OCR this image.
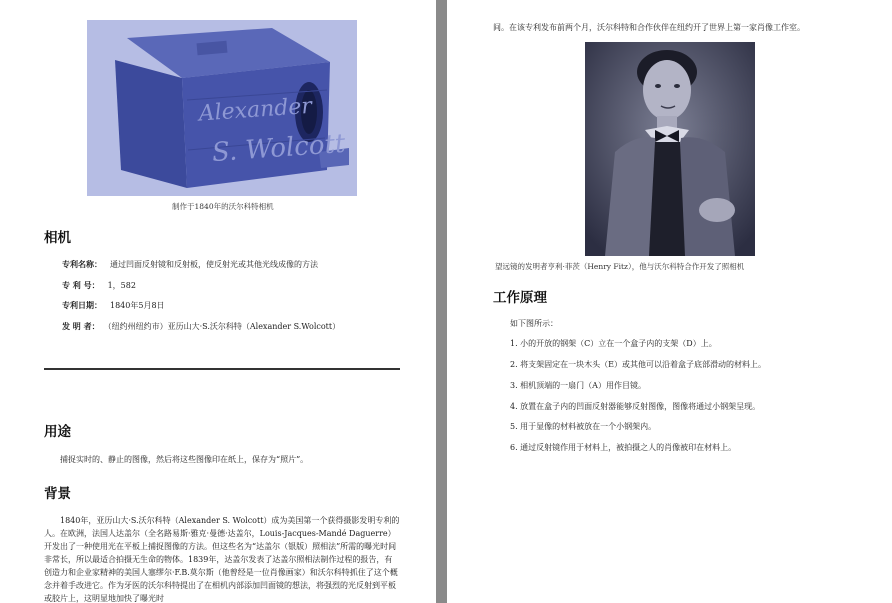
Alexander
S. Wolcott
制作于1840年的沃尔科特相机
相机
专利名称： 通过凹面反射镜和反射板，使反射光或其他光线成像的方法
专 利 号： 1，582
专利日期： 1840年5月8日
发 明 者： （纽约州纽约市）亚历山大·S.沃尔科特（Alexander S.Wolcott）
用途

捕捉实时的、静止的图像，然后将这些图像印在纸上，保存为“照片”。

背景

1840年，亚历山大·S.沃尔科特（Alexander S. Wolcott）成为美国第一个获得摄影发明专利的人。在欧洲，法国人达盖尔（全名路易斯·雅克·曼德·达盖尔，Louis-Jacques-Mandé Daguerre）开发出了一种使用光在平板上捕捉图像的方法。但这些名为“达盖尔（银版）照相法”所需的曝光时间非常长，所以最适合拍摄无生命的物体。1839年，达盖尔发表了达盖尔照相法制作过程的报告，有创造力和企业家精神的美国人塞缪尔·F.B.莫尔斯（他曾经是一位肖像画家）和沃尔科特抓住了这个概念并着手改进它。作为牙医的沃尔科特提出了在相机内部添加凹面镜的想法，将强烈的光反射到平板或胶片上，这明显地加快了曝光时

间。在该专利发布前两个月，沃尔科特和合作伙伴在纽约开了世界上第一家肖像工作室。
望远镜的发明者亨利·菲茨（Henry Fitz），他与沃尔科特合作开发了照相机
工作原理
如下图所示：
1. 小的开放的钢架（C）立在一个盒子内的支架（D）上。
2. 将支架固定在一块木头（E）或其他可以沿着盒子底部滑动的材料上。
3. 相机顶端的一扇门（A）用作目镜。
4. 放置在盒子内的凹面反射器能够反射图像，图像将通过小钢架呈现。
5. 用于显像的材料被放在一个小钢架内。
6. 通过反射镜作用于材料上，被拍摄之人的肖像被印在材料上。
